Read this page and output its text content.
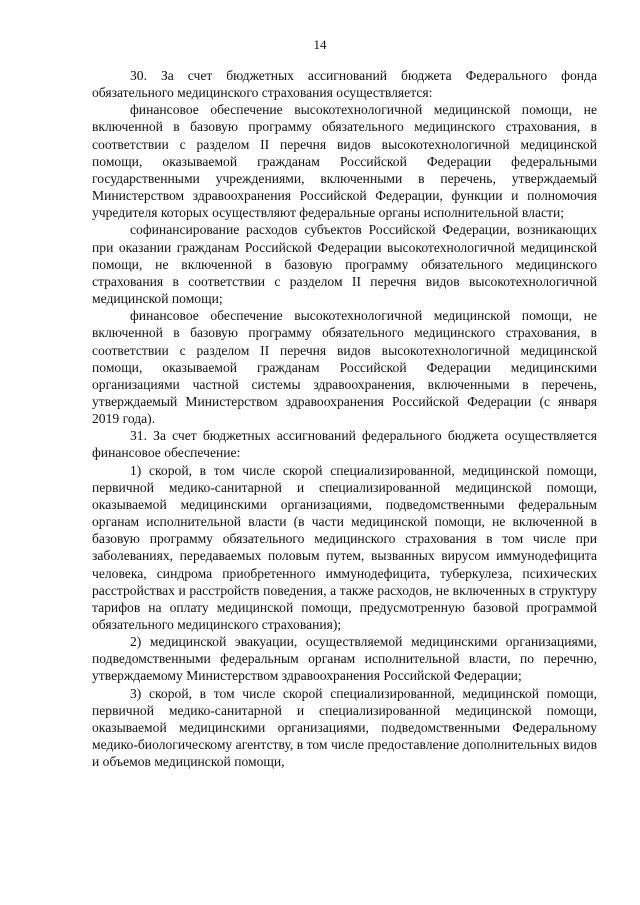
14

30. За счет бюджетных ассигнований бюджета Федерального фонда обязательного медицинского страхования осуществляется:

финансовое обеспечение высокотехнологичной медицинской помощи, не включенной в базовую программу обязательного медицинского страхования, в соответствии с разделом II перечня видов высокотехнологичной медицинской помощи, оказываемой гражданам Российской Федерации федеральными государственными учреждениями, включенными в перечень, утверждаемый Министерством здравоохранения Российской Федерации, функции и полномочия учредителя которых осуществляют федеральные органы исполнительной власти;

софинансирование расходов субъектов Российской Федерации, возникающих при оказании гражданам Российской Федерации высокотехнологичной медицинской помощи, не включенной в базовую программу обязательного медицинского страхования в соответствии с разделом II перечня видов высокотехнологичной медицинской помощи;

финансовое обеспечение высокотехнологичной медицинской помощи, не включенной в базовую программу обязательного медицинского страхования, в соответствии с разделом II перечня видов высокотехнологичной медицинской помощи, оказываемой гражданам Российской Федерации медицинскими организациями частной системы здравоохранения, включенными в перечень, утверждаемый Министерством здравоохранения Российской Федерации (с января 2019 года).

31. За счет бюджетных ассигнований федерального бюджета осуществляется финансовое обеспечение:

1) скорой, в том числе скорой специализированной, медицинской помощи, первичной медико-санитарной и специализированной медицинской помощи, оказываемой медицинскими организациями, подведомственными федеральным органам исполнительной власти (в части медицинской помощи, не включенной в базовую программу обязательного медицинского страхования в том числе при заболеваниях, передаваемых половым путем, вызванных вирусом иммунодефицита человека, синдрома приобретенного иммунодефицита, туберкулеза, психических расстройствах и расстройств поведения, а также расходов, не включенных в структуру тарифов на оплату медицинской помощи, предусмотренную базовой программой обязательного медицинского страхования);

2) медицинской эвакуации, осуществляемой медицинскими организациями, подведомственными федеральным органам исполнительной власти, по перечню, утверждаемому Министерством здравоохранения Российской Федерации;

3) скорой, в том числе скорой специализированной, медицинской помощи, первичной медико-санитарной и специализированной медицинской помощи, оказываемой медицинскими организациями, подведомственными Федеральному медико-биологическому агентству, в том числе предоставление дополнительных видов и объемов медицинской помощи,
